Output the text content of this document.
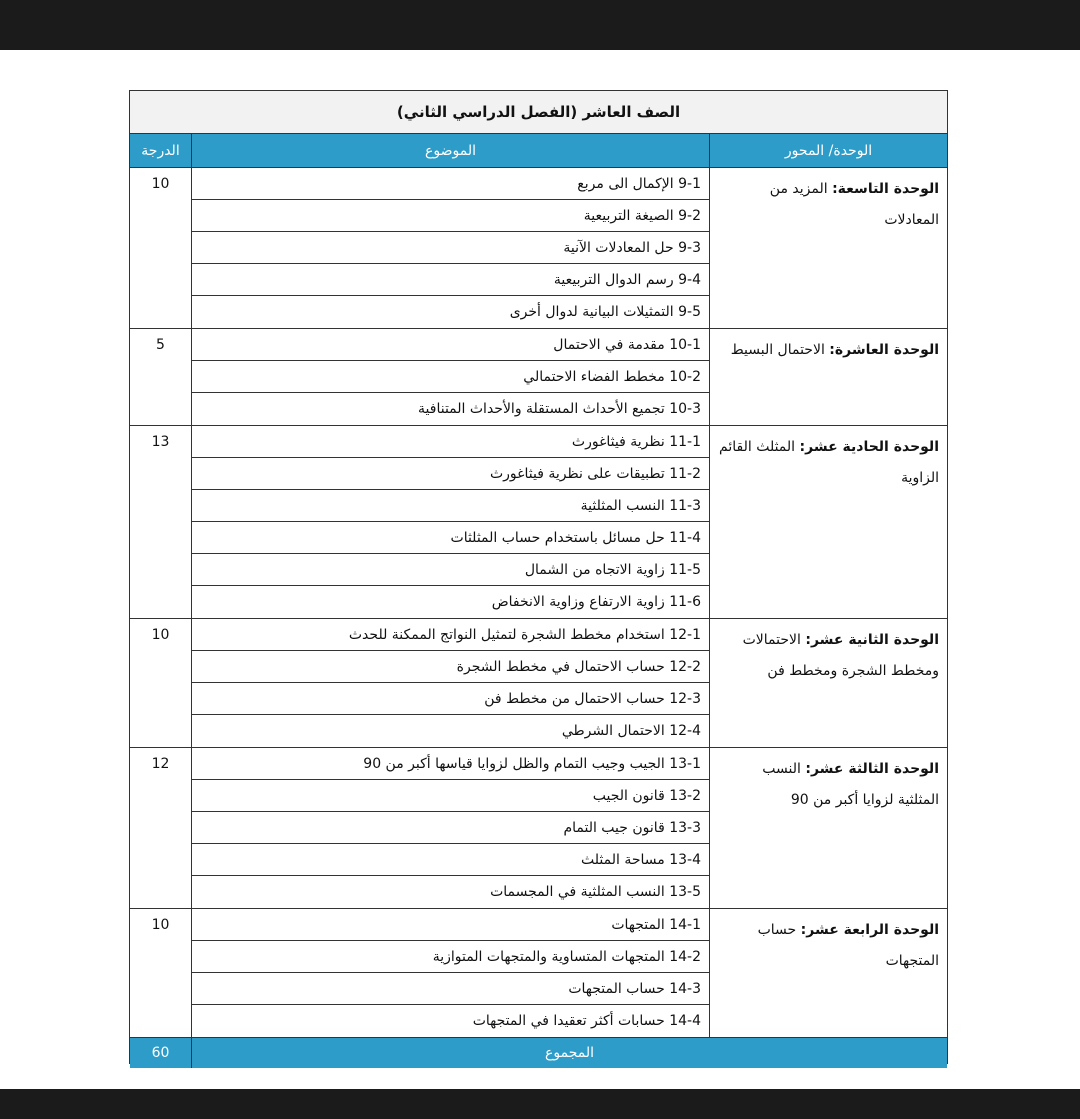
الصف العاشر (الفصل الدراسي الثاني)
الوحدة/ المحور
الموضوع
الدرجة
الوحدة التاسعة: المزيد من المعادلات
9-1 الإكمال الى مربع
9-2 الصيغة التربيعية
9-3 حل المعادلات الآنية
9-4 رسم الدوال التربيعية
9-5 التمثيلات البيانية لدوال أخرى
10
الوحدة العاشرة: الاحتمال البسيط
10-1 مقدمة في الاحتمال
10-2 مخطط الفضاء الاحتمالي
10-3 تجميع الأحداث المستقلة والأحداث المتنافية
5
الوحدة الحادية عشر: المثلث القائم الزاوية
11-1 نظرية فيثاغورث
11-2 تطبيقات على نظرية فيثاغورث
11-3 النسب المثلثية
11-4 حل مسائل باستخدام حساب المثلثات
11-5 زاوية الاتجاه من الشمال
11-6 زاوية الارتفاع وزاوية الانخفاض
13
الوحدة الثانية عشر: الاحتمالات ومخطط الشجرة ومخطط فن
12-1 استخدام مخطط الشجرة لتمثيل النواتج الممكنة للحدث
12-2 حساب الاحتمال في مخطط الشجرة
12-3 حساب الاحتمال من مخطط فن
12-4 الاحتمال الشرطي
10
الوحدة الثالثة عشر: النسب المثلثية لزوايا أكبر من 90
13-1 الجيب وجيب التمام والظل لزوايا قياسها أكبر من 90
13-2 قانون الجيب
13-3 قانون جيب التمام
13-4 مساحة المثلث
13-5 النسب المثلثية في المجسمات
12
الوحدة الرابعة عشر: حساب المتجهات
14-1 المتجهات
14-2 المتجهات المتساوية والمتجهات المتوازية
14-3 حساب المتجهات
14-4 حسابات أكثر تعقيدا في المتجهات
10
المجموع
60
